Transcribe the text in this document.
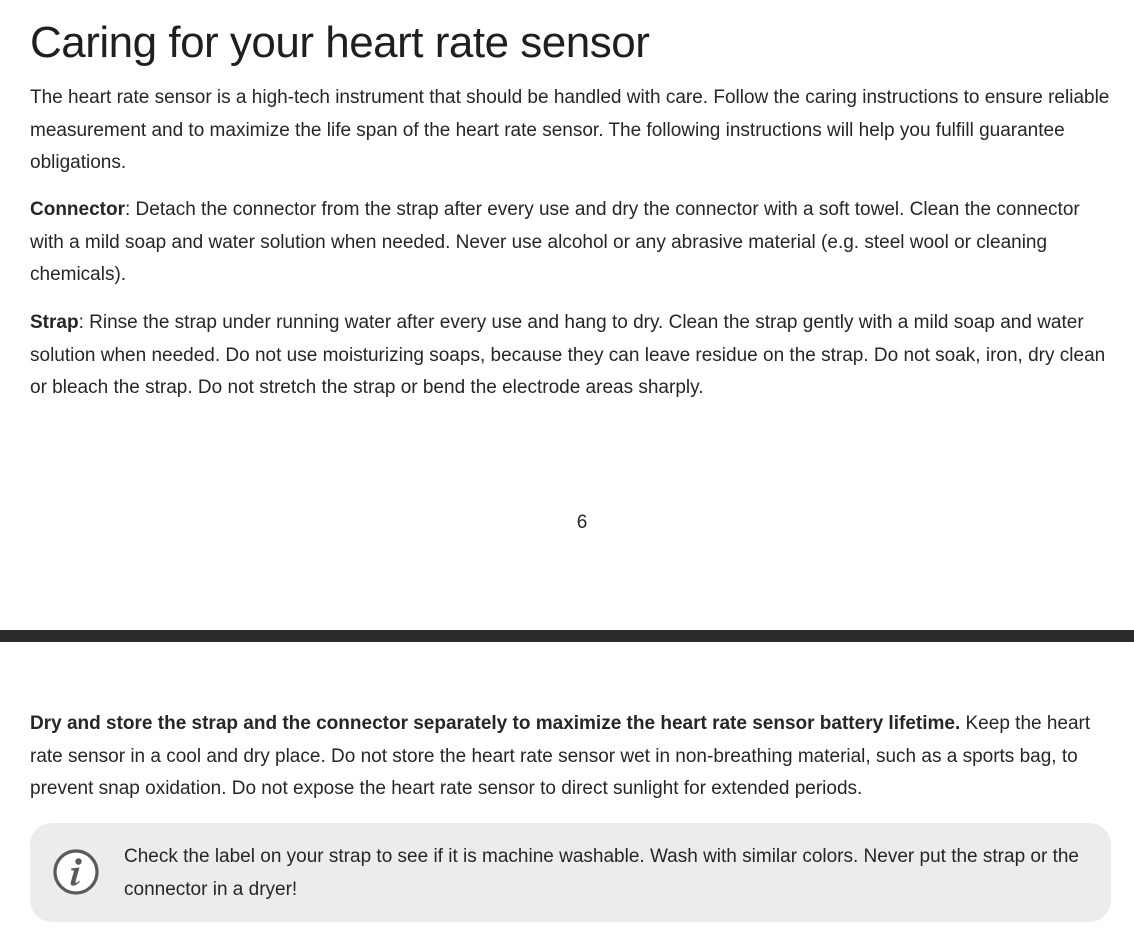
Caring for your heart rate sensor

The heart rate sensor is a high-tech instrument that should be handled with care. Follow the caring instructions to ensure reliable measurement and to maximize the life span of the heart rate sensor. The following instructions will help you fulfill guarantee obligations.

Connector: Detach the connector from the strap after every use and dry the connector with a soft towel. Clean the connector with a mild soap and water solution when needed. Never use alcohol or any abrasive material (e.g. steel wool or cleaning chemicals).

Strap: Rinse the strap under running water after every use and hang to dry. Clean the strap gently with a mild soap and water solution when needed. Do not use moisturizing soaps, because they can leave residue on the strap. Do not soak, iron, dry clean or bleach the strap. Do not stretch the strap or bend the electrode areas sharply.

6

Dry and store the strap and the connector separately to maximize the heart rate sensor battery lifetime. Keep the heart rate sensor in a cool and dry place. Do not store the heart rate sensor wet in non-breathing material, such as a sports bag, to prevent snap oxidation. Do not expose the heart rate sensor to direct sunlight for extended periods.

Check the label on your strap to see if it is machine washable. Wash with similar colors. Never put the strap or the connector in a dryer!
